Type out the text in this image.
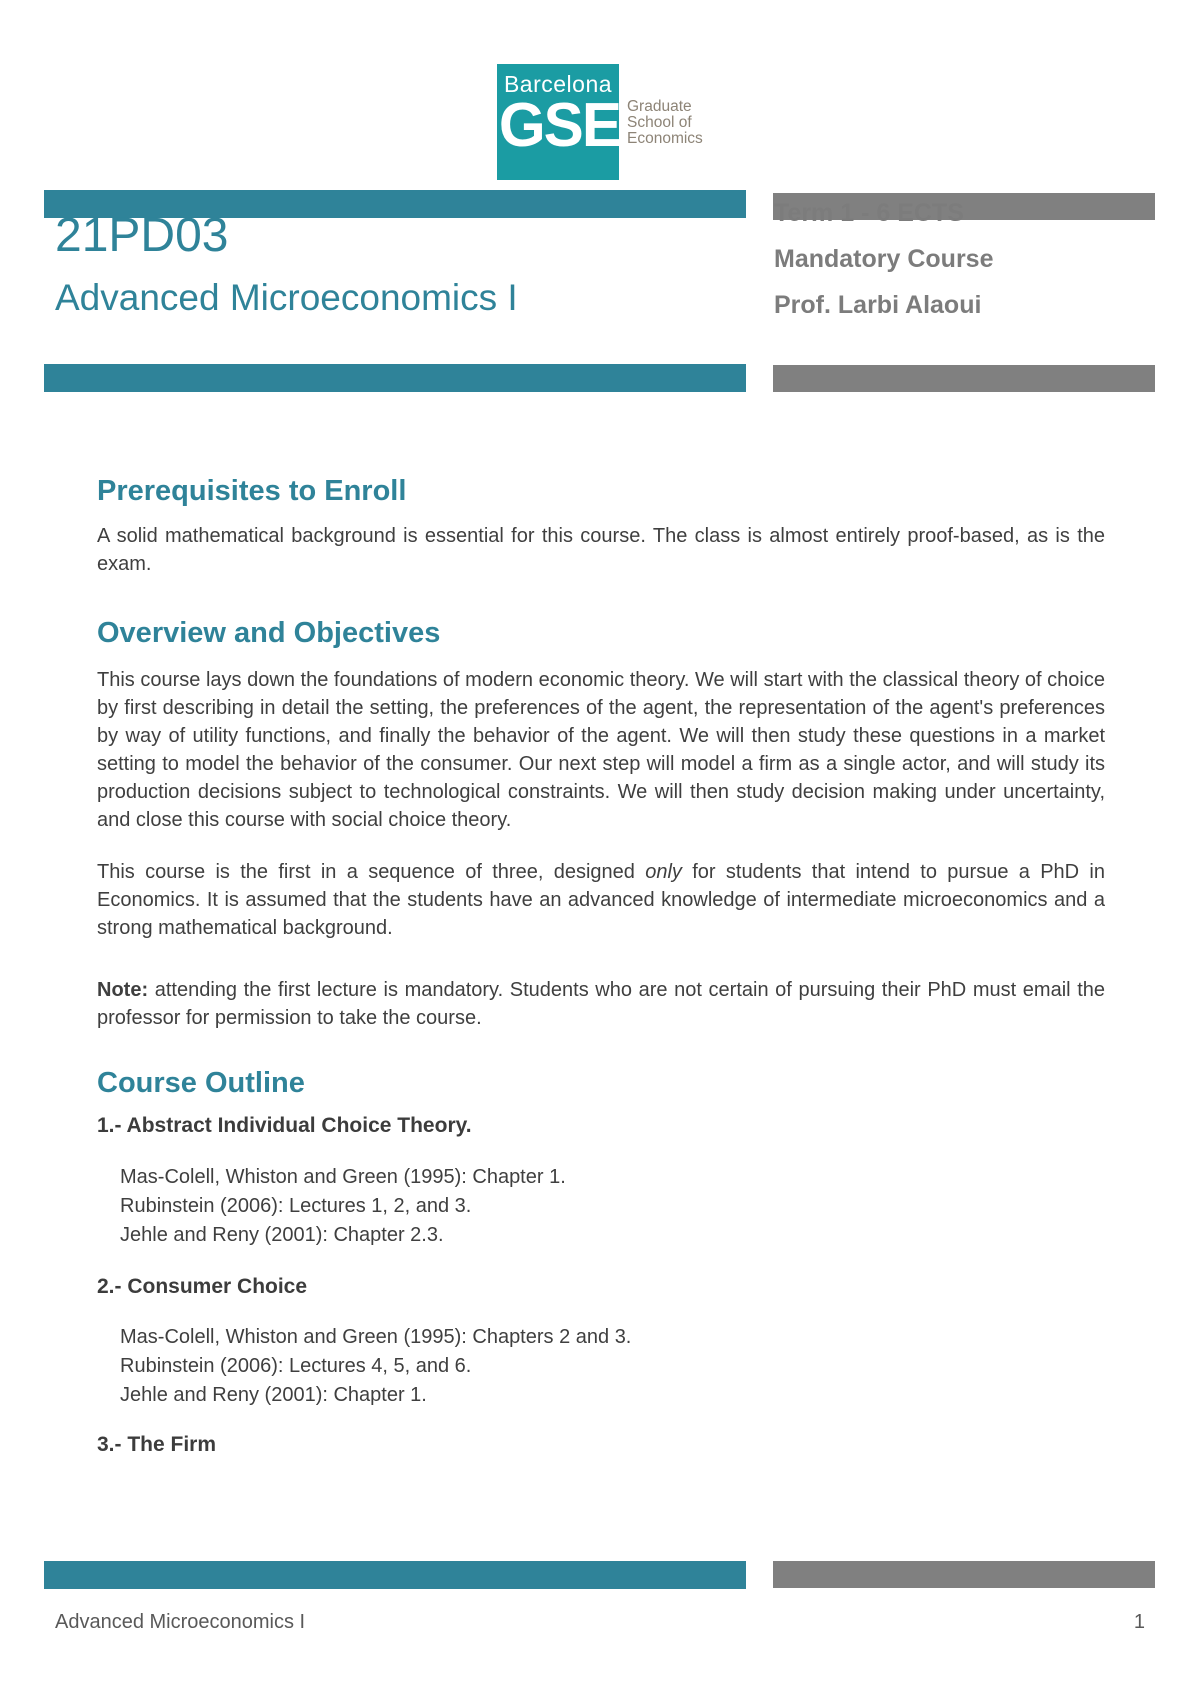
Barcelona
GSE Graduate
School of
Economics
21PD03
Advanced Microeconomics I
Term 1 - 6 ECTS
Mandatory Course
Prof. Larbi Alaoui
Prerequisites to Enroll

A solid mathematical background is essential for this course. The class is almost entirely proof-based, as is the exam.

Overview and Objectives

This course lays down the foundations of modern economic theory. We will start with the classical theory of choice by first describing in detail the setting, the preferences of the agent, the representation of the agent's preferences by way of utility functions, and finally the behavior of the agent. We will then study these questions in a market setting to model the behavior of the consumer. Our next step will model a firm as a single actor, and will study its production decisions subject to technological constraints. We will then study decision making under uncertainty, and close this course with social choice theory.

This course is the first in a sequence of three, designed only for students that intend to pursue a PhD in Economics. It is assumed that the students have an advanced knowledge of intermediate microeconomics and a strong mathematical background.

Note: attending the first lecture is mandatory. Students who are not certain of pursuing their PhD must email the professor for permission to take the course.

Course Outline
1.- Abstract Individual Choice Theory.
Mas-Colell, Whiston and Green (1995): Chapter 1.
Rubinstein (2006): Lectures 1, 2, and 3.
Jehle and Reny (2001): Chapter 2.3.
2.- Consumer Choice
Mas-Colell, Whiston and Green (1995): Chapters 2 and 3.
Rubinstein (2006): Lectures 4, 5, and 6.
Jehle and Reny (2001): Chapter 1.
3.- The Firm
Advanced Microeconomics I	1
